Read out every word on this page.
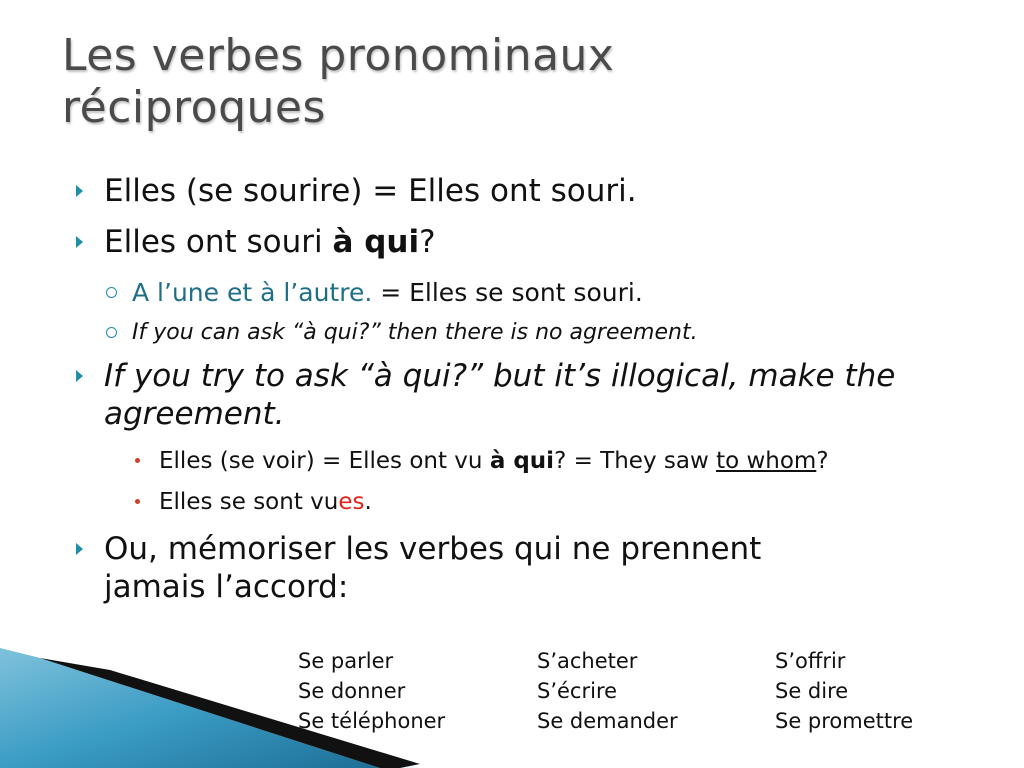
Les verbes pronominaux
réciproques
Elles (se sourire) = Elles ont souri.
Elles ont souri à qui?
A l’une et à l’autre. = Elles se sont souri.
If you can ask “à qui?” then there is no agreement.
If you try to ask “à qui?” but it’s illogical, make the
agreement.
Elles (se voir) = Elles ont vu à qui? = They saw to whom?
Elles se sont vues.
Ou, mémoriser les verbes qui ne prennent
jamais l’accord:
Se parler
Se donner
Se téléphoner
S’acheter
S’écrire
Se demander
S’offrir
Se dire
Se promettre
